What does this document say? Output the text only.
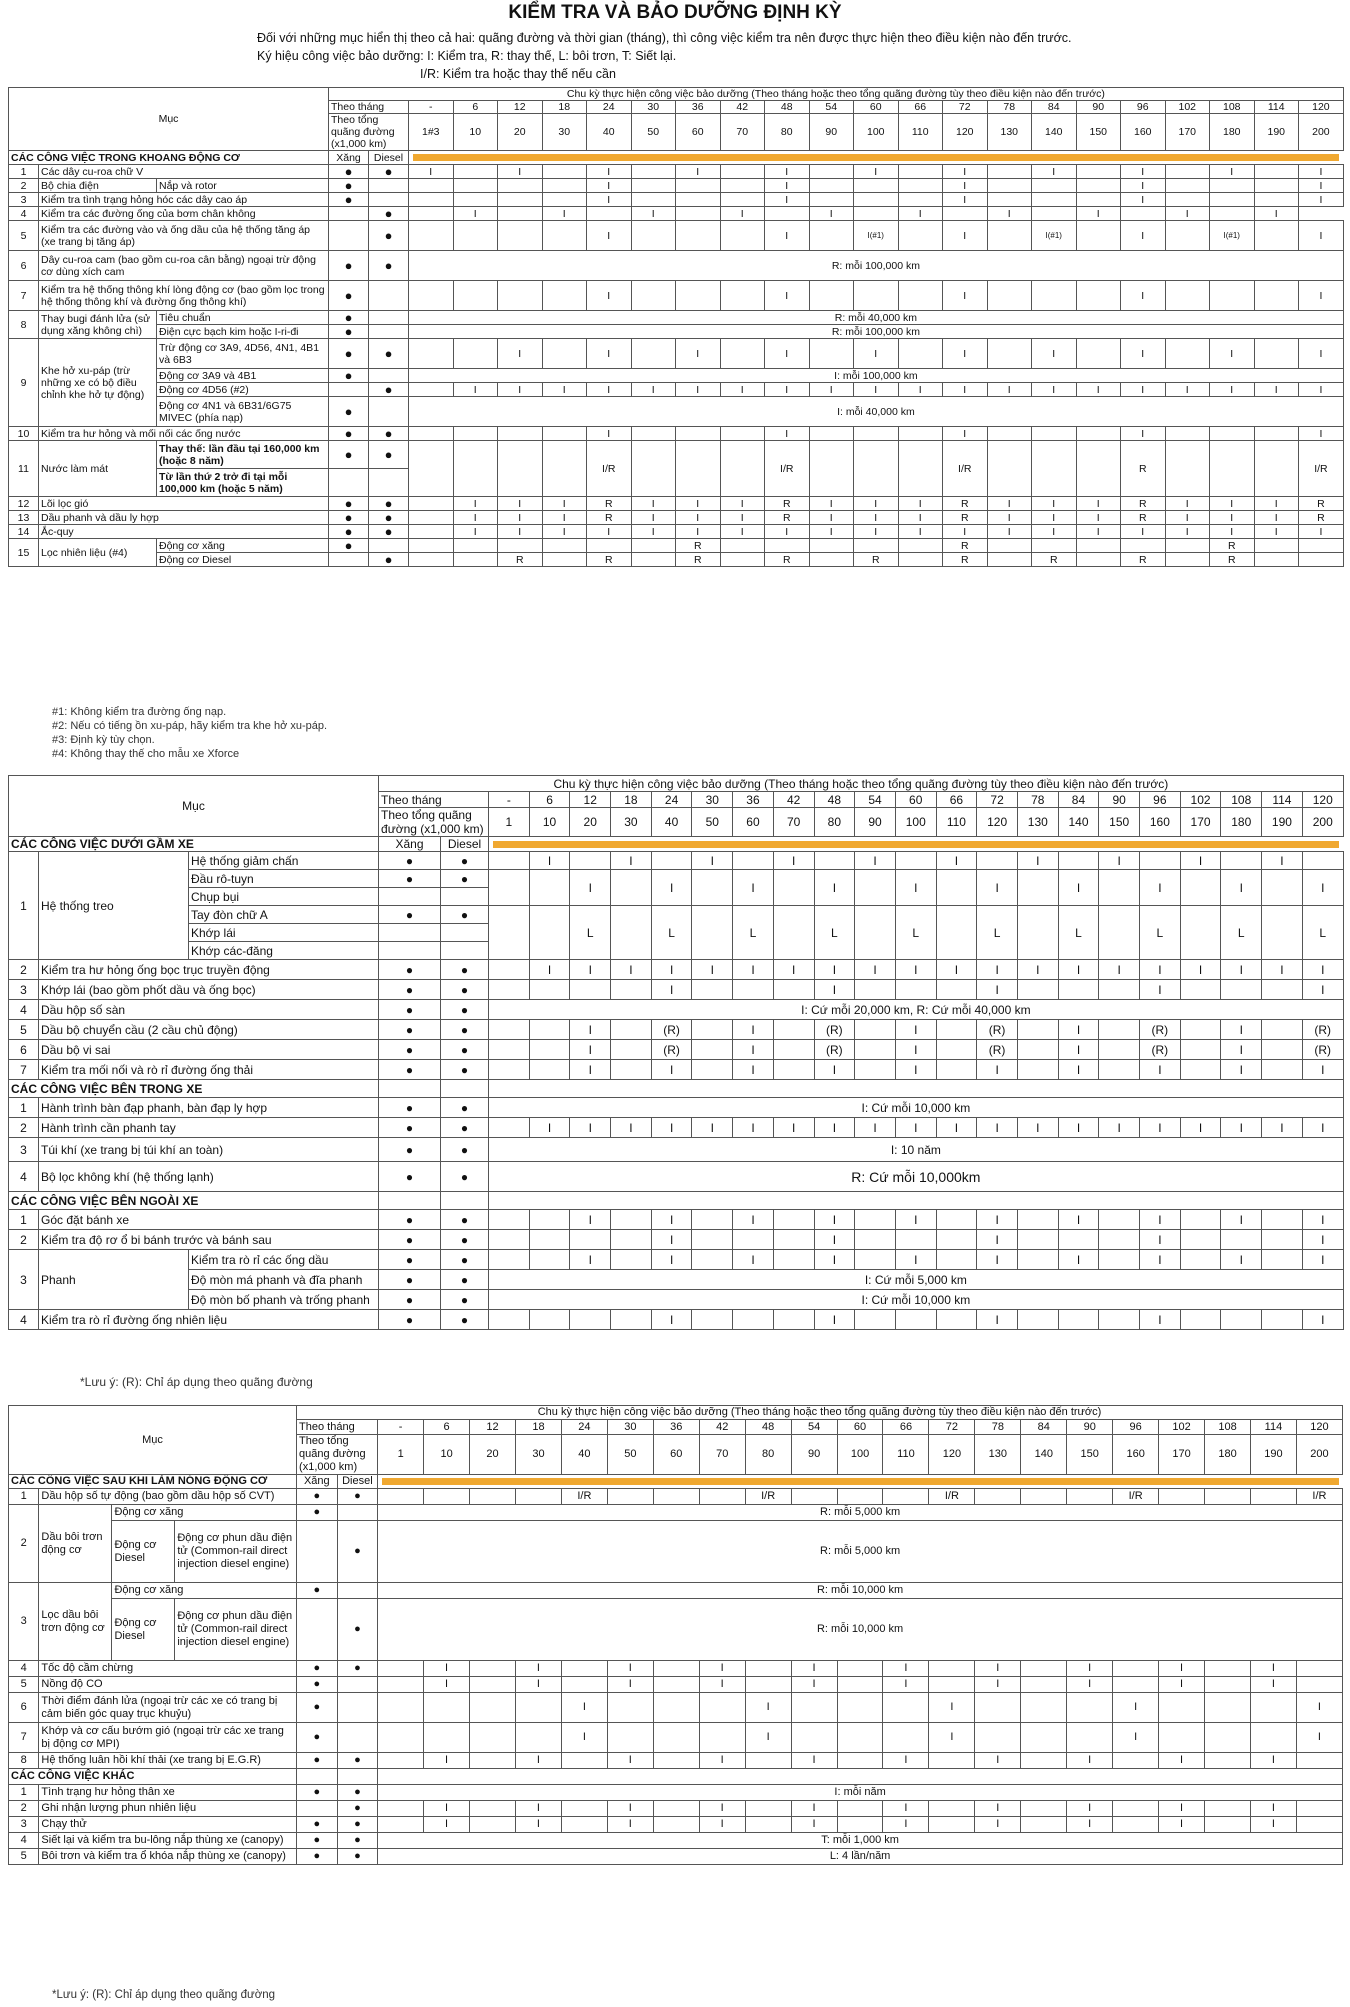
KIỂM TRA VÀ BẢO DƯỠNG ĐỊNH KỲ
Đối với những mục hiển thị theo cả hai: quãng đường và thời gian (tháng), thì công việc kiểm tra nên được thực hiện theo điều kiện nào đến trước.
Ký hiệu công việc bảo dưỡng: I: Kiểm tra, R: thay thế, L: bôi trơn, T: Siết lại.
I/R: Kiểm tra hoặc thay thế nếu cần
Mục			Chu kỳ thực hiện công việc bảo dưỡng (Theo tháng hoặc theo tổng quãng đường tùy theo điều kiện nào đến trước)																						
			Theo tháng		-	6	12	18	24	30	36	42	48	54	60	66	72	78	84	90	96	102	108	114	120
			Theo tổng quãng đường (x1,000 km)		1#3	10	20	30	40	50	60	70	80	90	100	110	120	130	140	150	160	170	180	190	200
CÁC CÔNG VIỆC TRONG KHOANG ĐỘNG CƠ			Xăng	Diesel																					

1	Các dây cu-roa chữ V		●	●	I		I		I		I		I		I		I		I		I		I		I
2	Bộ chia điện	Nắp và rotor	●						I				I				I				I				I
3	Kiểm tra tình trạng hỏng hóc các dây cao áp		●						I				I				I				I				I
4	Kiểm tra các đường ống của bơm chân không			●		I		I		I		I		I		I		I		I		I		I	
5	Kiểm tra các đường vào và ống dầu của hệ thống tăng áp (xe trang bị tăng áp)			●					I				I		I(#1)		I		I(#1)		I		I(#1)		I
6	Dây cu-roa cam (bao gồm cu-roa cân bằng) ngoại trừ động cơ dùng xích cam		●	●	R: mỗi 100,000 km																				
7	Kiểm tra hệ thống thông khí lòng động cơ (bao gồm lọc trong hệ thống thông khí và đường ống thông khí)		●						I				I				I				I				I
8	Thay bugi đánh lửa (sử dụng xăng không chì)	Tiêu chuẩn	●		R: mỗi 40,000 km																				
		Điện cực bạch kim hoặc I-ri-đi	●		R: mỗi 100,000 km																				
9	Khe hở xu-páp (trừ những xe có bộ điều chỉnh khe hở tự động)	Trừ động cơ 3A9, 4D56, 4N1, 4B1 và 6B3	●	●			I		I		I		I		I		I		I		I		I		I
		Động cơ 3A9 và 4B1	●		I: mỗi 100,000 km																				
		Động cơ 4D56 (#2)		●		I	I	I	I	I	I	I	I	I	I	I	I	I	I	I	I	I	I	I	I
		Động cơ 4N1 và 6B31/6G75 MIVEC (phía nạp)	●		I: mỗi 40,000 km																				
10	Kiểm tra hư hỏng và mối nối các ống nước		●	●					I				I				I				I				I
11	Nước làm mát	Thay thế: lần đầu tại 160,000 km (hoặc 8 năm)	●	●					I/R				I/R				I/R				R				I/R
		Từ lần thứ 2 trở đi tại mỗi 100,000 km (hoặc 5 năm)																							
12	Lõi lọc gió		●	●		I	I	I	R	I	I	I	R	I	I	I	R	I	I	I	R	I	I	I	R
13	Dầu phanh và dầu ly hợp		●	●		I	I	I	R	I	I	I	R	I	I	I	R	I	I	I	R	I	I	I	R
14	Ắc-quy		●	●		I	I	I	I	I	I	I	I	I	I	I	I	I	I	I	I	I	I	I	I
15	Lọc nhiên liệu (#4)	Động cơ xăng	●								R						R						R		
		Động cơ Diesel		●			R		R		R		R		R		R		R		R		R		
#1: Không kiểm tra đường ống nạp.
#2: Nếu có tiếng ồn xu-páp, hãy kiểm tra khe hở xu-páp.
#3: Định kỳ tùy chọn.
#4: Không thay thế cho mẫu xe Xforce
Mục			Chu kỳ thực hiện công việc bảo dưỡng (Theo tháng hoặc theo tổng quãng đường tùy theo điều kiện nào đến trước)																						
			Theo tháng		-	6	12	18	24	30	36	42	48	54	60	66	72	78	84	90	96	102	108	114	120
			Theo tổng quãng đường (x1,000 km)		1	10	20	30	40	50	60	70	80	90	100	110	120	130	140	150	160	170	180	190	200
CÁC CÔNG VIỆC DƯỚI GẦM XE			Xăng	Diesel																					

1	Hệ thống treo	Hệ thống giảm chấn	●	●		I		I		I		I		I		I		I		I		I		I	
		Đầu rô-tuyn	●	●			I		I		I		I		I		I		I		I		I		I
		Chụp bụi																							
		Tay đòn chữ A	●	●			L		L		L		L		L		L		L		L		L		L
		Khớp lái																							
		Khớp các-đăng																							
2	Kiểm tra hư hỏng ống bọc trục truyền động		●	●		I	I	I	I	I	I	I	I	I	I	I	I	I	I	I	I	I	I	I	I
3	Khớp lái (bao gồm phốt dầu và ống bọc)		●	●					I				I				I				I				I
4	Dầu hộp số sàn		●	●	I: Cứ mỗi 20,000 km, R: Cứ mỗi 40,000 km																				
5	Dầu bộ chuyển cầu (2 cầu chủ động)		●	●			I		(R)		I		(R)		I		(R)		I		(R)		I		(R)
6	Dầu bộ vi sai		●	●			I		(R)		I		(R)		I		(R)		I		(R)		I		(R)
7	Kiểm tra mối nối và rò rỉ đường ống thải		●	●			I		I		I		I		I		I		I		I		I		I
CÁC CÔNG VIỆC BÊN TRONG XE																									
1	Hành trình bàn đạp phanh, bàn đạp ly hợp		●	●	I: Cứ mỗi 10,000 km																				
2	Hành trình cần phanh tay		●	●		I	I	I	I	I	I	I	I	I	I	I	I	I	I	I	I	I	I	I	I
3	Túi khí (xe trang bị túi khí an toàn)		●	●	I: 10 năm																				
4	Bộ lọc không khí (hệ thống lạnh)		●	●	R: Cứ mỗi 10,000km																				
CÁC CÔNG VIỆC BÊN NGOÀI XE																									
1	Góc đặt bánh xe		●	●			I		I		I		I		I		I		I		I		I		I
2	Kiểm tra độ rơ ổ bi bánh trước và bánh sau		●	●					I				I				I				I				I
3	Phanh	Kiểm tra rò rỉ các ống dầu	●	●			I		I		I		I		I		I		I		I		I		I
		Độ mòn má phanh và đĩa phanh	●	●	I: Cứ mỗi 5,000 km																				
		Độ mòn bố phanh và trống phanh	●	●	I: Cứ mỗi 10,000 km																				
4	Kiểm tra rò rỉ đường ống nhiên liệu		●	●					I				I				I				I				I
*Lưu ý: (R): Chỉ áp dụng theo quãng đường
Mục				Chu kỳ thực hiện công việc bảo dưỡng (Theo tháng hoặc theo tổng quãng đường tùy theo điều kiện nào đến trước)																						
				Theo tháng		-	6	12	18	24	30	36	42	48	54	60	66	72	78	84	90	96	102	108	114	120
				Theo tổng quãng đường (x1,000 km)		1	10	20	30	40	50	60	70	80	90	100	110	120	130	140	150	160	170	180	190	200
CÁC CÔNG VIỆC SAU KHI LÀM NÓNG ĐỘNG CƠ				Xăng	Diesel																					

1	Dầu hộp số tự động (bao gồm dầu hộp số CVT)			●	●					I/R				I/R				I/R				I/R				I/R
2	Dầu bôi trơn động cơ	Động cơ xăng		●		R: mỗi 5,000 km																				
		Động cơ Diesel	Động cơ phun dầu điện tử (Common-rail direct injection diesel engine)		●	R: mỗi 5,000 km																				
3	Lọc dầu bôi trơn động cơ	Động cơ xăng		●		R: mỗi 10,000 km																				
		Động cơ Diesel	Động cơ phun dầu điện tử (Common-rail direct injection diesel engine)		●	R: mỗi 10,000 km																				
4	Tốc độ cầm chừng			●	●		I		I		I		I		I		I		I		I		I		I	
5	Nồng độ CO			●			I		I		I		I		I		I		I		I		I		I	
6	Thời điểm đánh lửa (ngoại trừ các xe có trang bị cảm biến góc quay trục khuỷu)			●						I				I				I				I				I
7	Khớp và cơ cấu bướm gió (ngoại trừ các xe trang bị động cơ MPI)			●						I				I				I				I				I
8	Hệ thống luân hồi khí thải (xe trang bị E.G.R)			●	●		I		I		I		I		I		I		I		I		I		I	
CÁC CÔNG VIỆC KHÁC																										
1	Tình trạng hư hỏng thân xe			●	●	I: mỗi năm																				
2	Ghi nhận lượng phun nhiên liệu				●		I		I		I		I		I		I		I		I		I		I	
3	Chạy thử			●	●		I		I		I		I		I		I		I		I		I		I	
4	Siết lại và kiểm tra bu-lông nắp thùng xe (canopy)			●	●	T: mỗi 1,000 km																				
5	Bôi trơn và kiểm tra ổ khóa nắp thùng xe (canopy)			●	●	L: 4 lần/năm																				
*Lưu ý: (R): Chỉ áp dụng theo quãng đường
